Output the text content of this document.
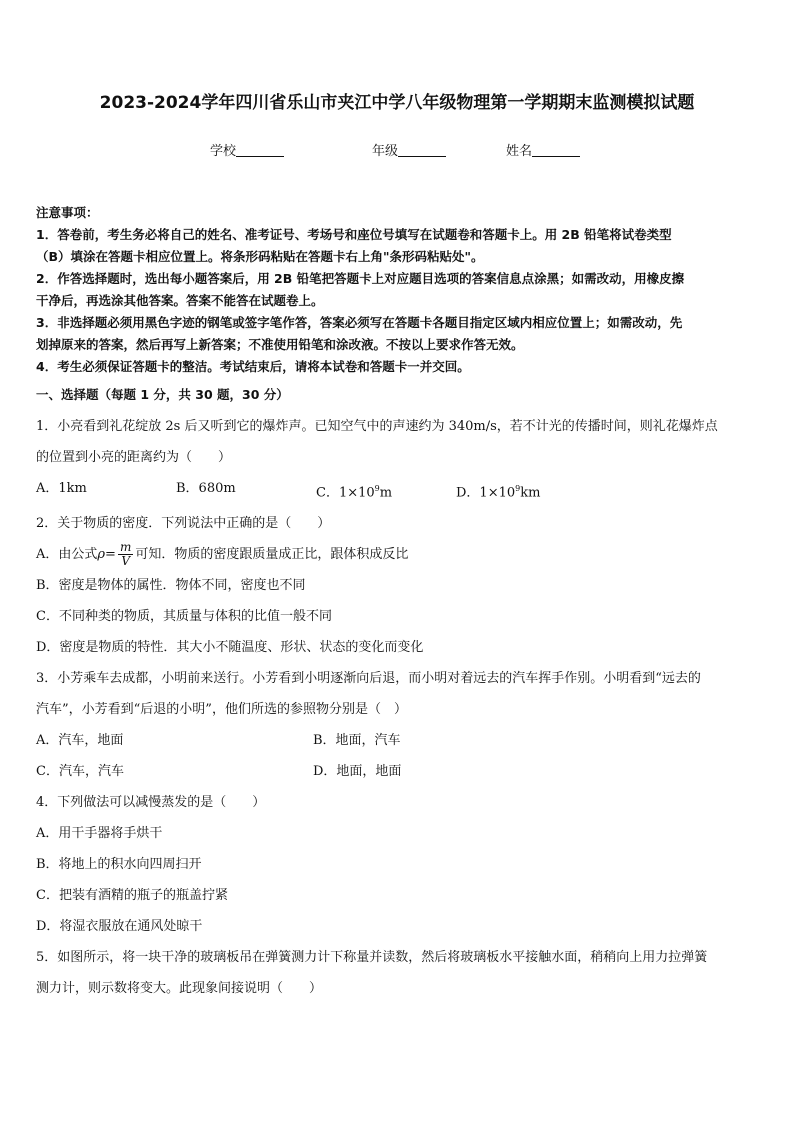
2023-2024学年四川省乐山市夹江中学八年级物理第一学期期末监测模拟试题
学校	年级	姓名

注意事项：

1．答卷前，考生务必将自己的姓名、准考证号、考场号和座位号填写在试题卷和答题卡上。用 2B 铅笔将试卷类型

（B）填涂在答题卡相应位置上。将条形码粘贴在答题卡右上角"条形码粘贴处"。

2．作答选择题时，选出每小题答案后，用 2B 铅笔把答题卡上对应题目选项的答案信息点涂黑；如需改动，用橡皮擦

干净后，再选涂其他答案。答案不能答在试题卷上。

3．非选择题必须用黑色字迹的钢笔或签字笔作答，答案必须写在答题卡各题目指定区域内相应位置上；如需改动，先

划掉原来的答案，然后再写上新答案；不准使用铅笔和涂改液。不按以上要求作答无效。

4．考生必须保证答题卡的整洁。考试结束后，请将本试卷和答题卡一并交回。

一、选择题（每题 1 分，共 30 题，30 分）

1．小亮看到礼花绽放 2s 后又听到它的爆炸声。已知空气中的声速约为 340m/s，若不计光的传播时间，则礼花爆炸点

的位置到小亮的距离约为（　　）

A．1km	B．680m	C．$1\times 10^9m$	D．$1\times 10^9km$

2．关于物质的密度．下列说法中正确的是（　　）

A．由公式$\rho= \frac{m}{V}$ 可知．物质的密度跟质量成正比，跟体积成反比

B．密度是物体的属性．物体不同，密度也不同

C．不同种类的物质，其质量与体积的比值一般不同

D．密度是物质的特性．其大小不随温度、形状、状态的变化而变化

3．小芳乘车去成都，小明前来送行。小芳看到小明逐渐向后退，而小明对着远去的汽车挥手作别。小明看到“远去的

汽车”，小芳看到“后退的小明”，他们所选的参照物分别是（　）

A．汽车，地面	B．地面，汽车
C．汽车，汽车	D．地面，地面

4．下列做法可以减慢蒸发的是（　　）

A．用干手器将手烘干

B．将地上的积水向四周扫开

C．把装有酒精的瓶子的瓶盖拧紧

D．将湿衣服放在通风处晾干

5．如图所示，将一块干净的玻璃板吊在弹簧测力计下称量并读数，然后将玻璃板水平接触水面，稍稍向上用力拉弹簧

测力计，则示数将变大。此现象间接说明（　　）
